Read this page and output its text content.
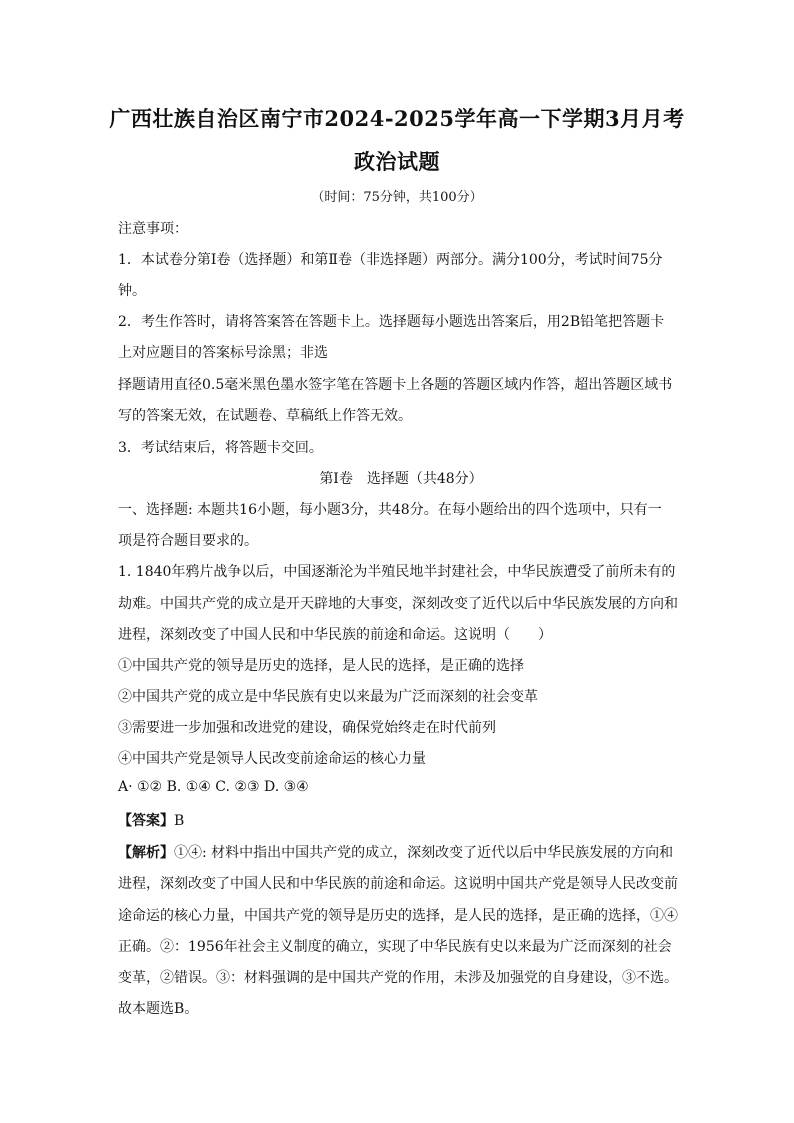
广西壮族自治区南宁市2024-2025学年高一下学期3月月考
政治试题
（时间：75分钟，共100分）
注意事项：
1．本试卷分第Ⅰ卷（选择题）和第Ⅱ卷（非选择题）两部分。满分100分，考试时间75分
钟。
2．考生作答时，请将答案答在答题卡上。选择题每小题选出答案后，用2B铅笔把答题卡
上对应题目的答案标号涂黑；非选
择题请用直径0.5毫米黑色墨水签字笔在答题卡上各题的答题区域内作答，超出答题区域书
写的答案无效，在试题卷、草稿纸上作答无效。
3．考试结束后，将答题卡交回。
第Ⅰ卷　选择题（共48分）
一、选择题: 本题共16小题，每小题3分，共48分。在每小题给出的四个选项中，只有一
项是符合题目要求的。
1. 1840年鸦片战争以后，中国逐渐沦为半殖民地半封建社会，中华民族遭受了前所未有的
劫难。中国共产党的成立是开天辟地的大事变，深刻改变了近代以后中华民族发展的方向和
进程，深刻改变了中国人民和中华民族的前途和命运。这说明（　　）
①中国共产党的领导是历史的选择，是人民的选择，是正确的选择
②中国共产党的成立是中华民族有史以来最为广泛而深刻的社会变革
③需要进一步加强和改进党的建设，确保党始终走在时代前列
④中国共产党是领导人民改变前途命运的核心力量
A· ①② B. ①④ C. ②③ D. ③④
【答案】B
【解析】①④: 材料中指出中国共产党的成立，深刻改变了近代以后中华民族发展的方向和
进程，深刻改变了中国人民和中华民族的前途和命运。这说明中国共产党是领导人民改变前
途命运的核心力量，中国共产党的领导是历史的选择，是人民的选择，是正确的选择，①④
正确。②：1956年社会主义制度的确立，实现了中华民族有史以来最为广泛而深刻的社会
变革，②错误。③：材料强调的是中国共产党的作用，未涉及加强党的自身建设，③不选。
故本题选B。
